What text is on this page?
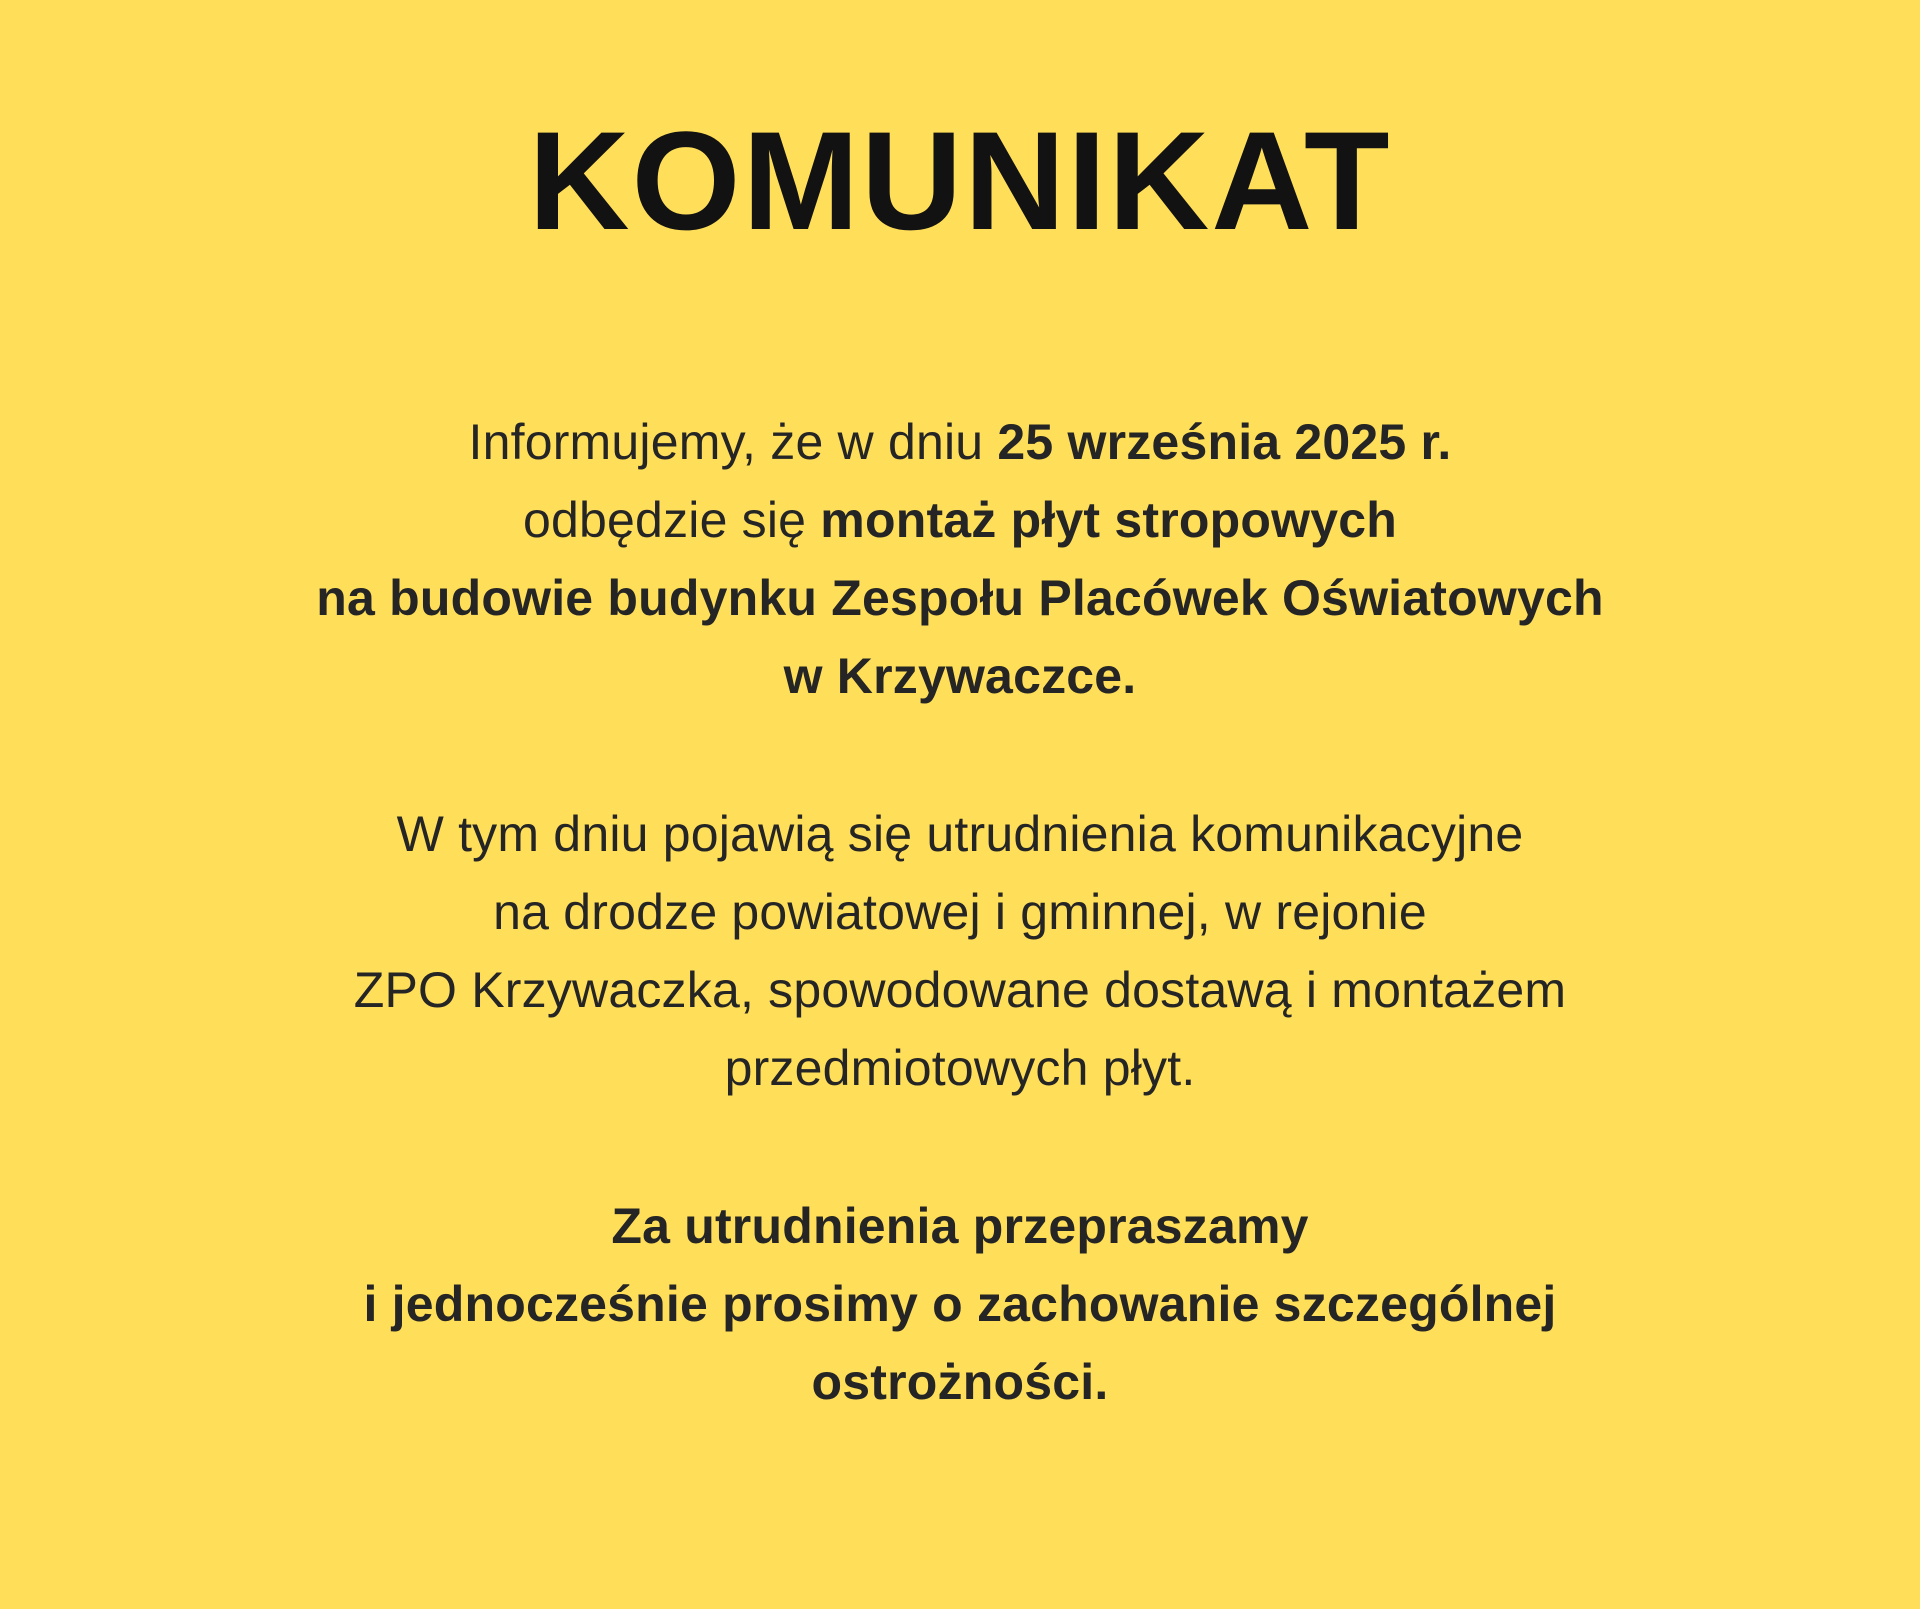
KOMUNIKAT

Informujemy, że w dniu 25 września 2025 r.
odbędzie się montaż płyt stropowych
na budowie budynku Zespołu Placówek Oświatowych
w Krzywaczce.

W tym dniu pojawią się utrudnienia komunikacyjne
na drodze powiatowej i gminnej, w rejonie
ZPO Krzywaczka, spowodowane dostawą i montażem
przedmiotowych płyt.

Za utrudnienia przepraszamy
i jednocześnie prosimy o zachowanie szczególnej
ostrożności.
